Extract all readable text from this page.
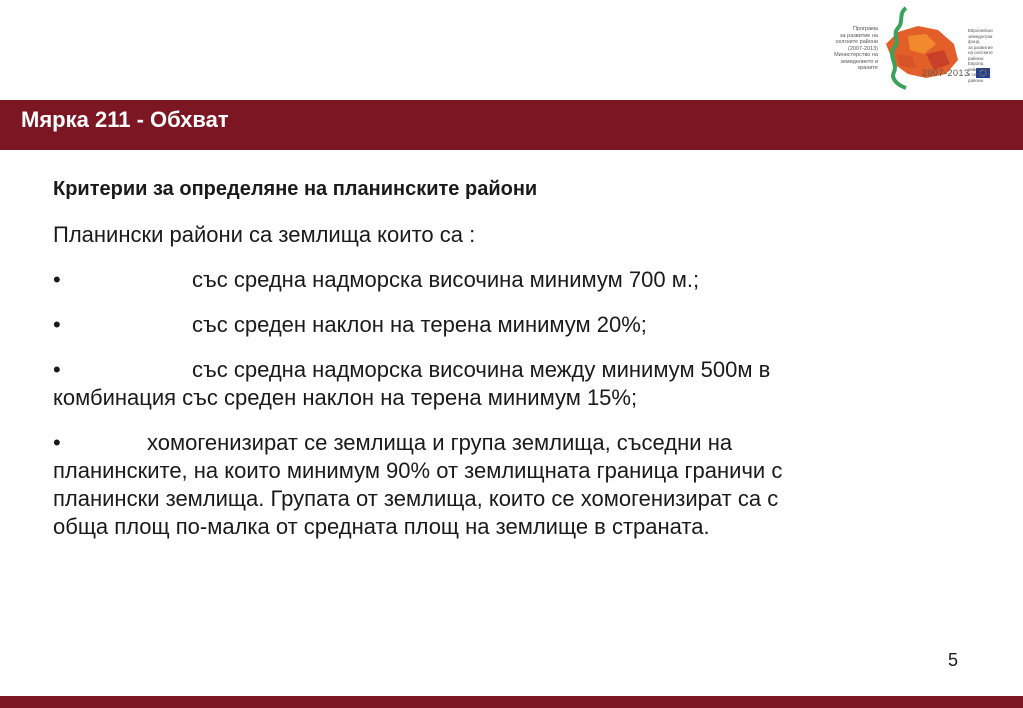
Програма
за развитие на
селските райони
(2007-2013)
Министерство на
земеделието и
храните
Европейски
земеделски фонд
за развитие
на селските райони:
Европа инвестира
в селските райони
2007-2013
Мярка 211 - Обхват
Критерии за определяне на планинските райони
Планински райони са землища които са :
•	със средна надморска височина минимум 700 м.;
•	със среден наклон на терена минимум 20%;
•	със средна надморска височина между минимум 500м в
комбинация със среден наклон на терена минимум 15%;
•	хомогенизират се землища и група землища, съседни на
планинските, на които минимум 90% от землищната граница граничи с
планински землища. Групата от землища, които се хомогенизират са с
обща площ по-малка от средната площ на землище в страната.
5
